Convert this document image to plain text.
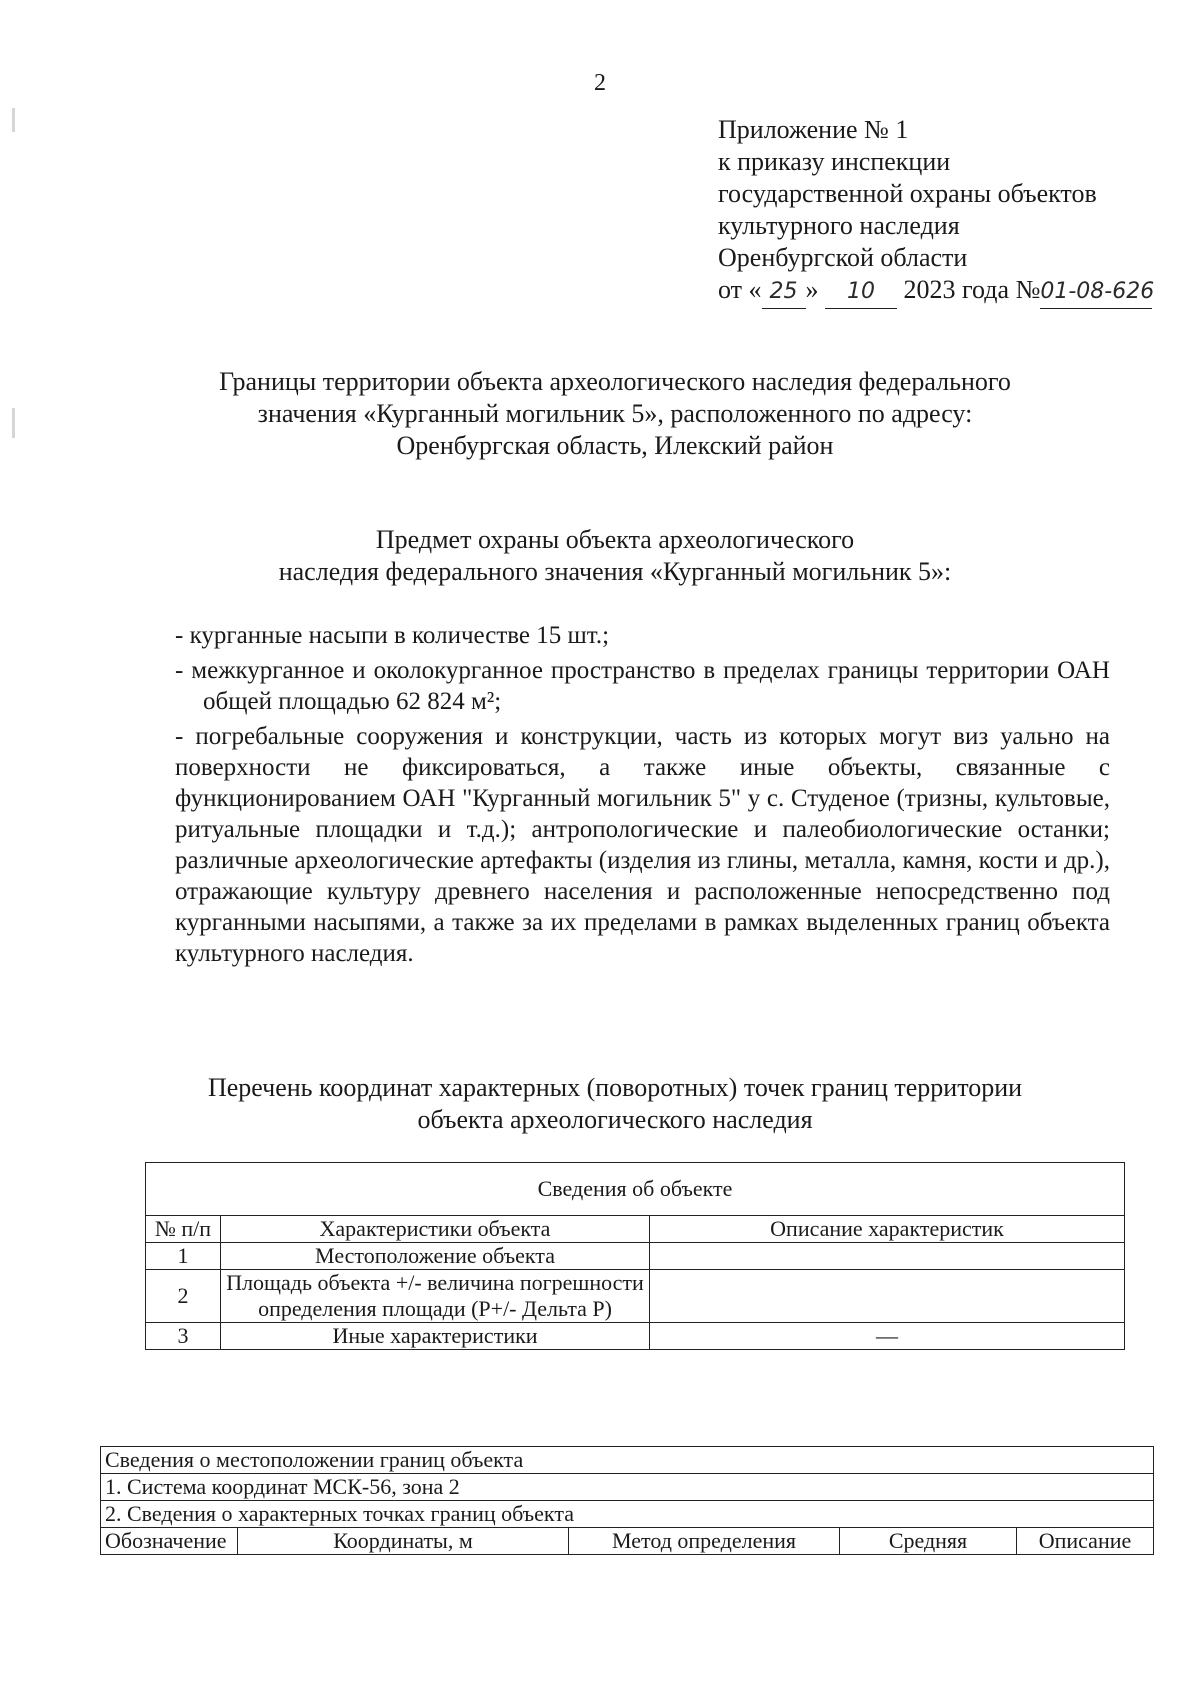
2
Приложение № 1
к приказу инспекции
государственной охраны объектов
культурного наследия
Оренбургской области
от « 25 » 10 2023 года №01-08-626
Границы территории объекта археологического наследия федерального
значения «Курганный могильник 5», расположенного по адресу:
Оренбургская область, Илекский район
Предмет охраны объекта археологического
наследия федерального значения «Курганный могильник 5»:

- курганные насыпи в количестве 15 шт.;

- межкурганное и околокурганное пространство в пределах границы территории ОАН общей площадью 62 824 м²;

- погребальные сооружения и конструкции, часть из которых могут виз уально на поверхности не фиксироваться, а также иные объекты, связанные с функционированием ОАН "Курганный могильник 5" у с. Студеное (тризны, культовые, ритуальные площадки и т.д.); антропологические и палеобиологические останки; различные археологические артефакты (изделия из глины, металла, камня, кости и др.), отражающие культуру древнего населения и расположенные непосредственно под курганными насыпями, а также за их пределами в рамках выделенных границ объекта культурного наследия.

Перечень координат характерных (поворотных) точек границ территории
объекта археологического наследия
Сведения об объекте		
№ п/п	Характеристики объекта	Описание характеристик
1	Местоположение объекта	
2	Площадь объекта +/- величина погрешности определения площади (Р+/- Дельта Р)	
3	Иные характеристики	—
Сведения о местоположении границ объекта
1. Система координат МСК-56, зона 2
2. Сведения о характерных точках границ объекта
Обозначение	Координаты, м	Метод определения	Средняя	Описание
